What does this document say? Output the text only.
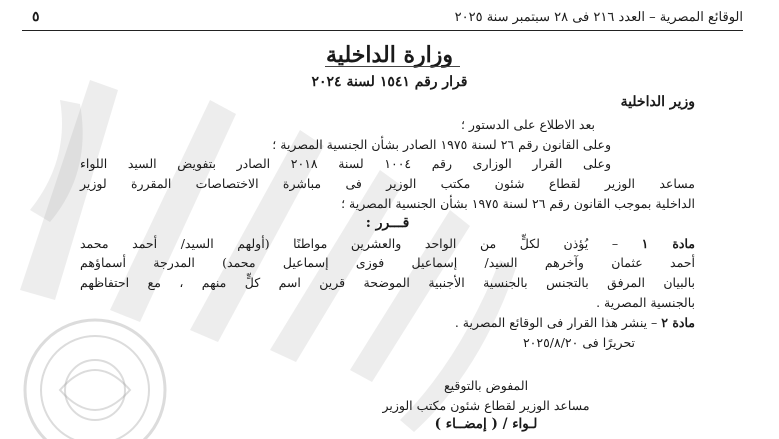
الوقائع المصرية – العدد ٢١٦ فى ٢٨ سبتمبر سنة ٢٠٢٥
٥
وزارة الداخلية
قرار رقم ١٥٤١ لسنة ٢٠٢٤

وزير الداخلية

بعد الاطلاع على الدستور ؛

وعلى القانون رقم ٢٦ لسنة ١٩٧٥ الصادر بشأن الجنسية المصرية ؛

وعلى القرار الوزارى رقم ١٠٠٤ لسنة ٢٠١٨ الصادر بتفويض السيد اللواء

مساعد الوزير لقطاع شئون مكتب الوزير فى مباشرة الاختصاصات المقررة لوزير

الداخلية بموجب القانون رقم ٢٦ لسنة ١٩٧٥ بشأن الجنسية المصرية ؛

قـــرر :

مادة ١ – يُؤذن لكلٍّ من الواحد والعشرين مواطنًا (أولهم السيد/ أحمد محمد

أحمد عثمان وآخرهم السيد/ إسماعيل فوزى إسماعيل محمد) المدرجة أسماؤهم

بالبيان المرفق بالتجنس بالجنسية الأجنبية الموضحة قرين اسم كلٍّ منهم ، مع احتفاظهم

بالجنسية المصرية .

مادة ٢ – ينشر هذا القرار فى الوقائع المصرية .

تحريرًا فى ٢٠٢٥/٨/٢٠

المفوض بالتوقيع

مساعد الوزير لقطاع شئون مكتب الوزير

لـواء / ( إمضــاء )
